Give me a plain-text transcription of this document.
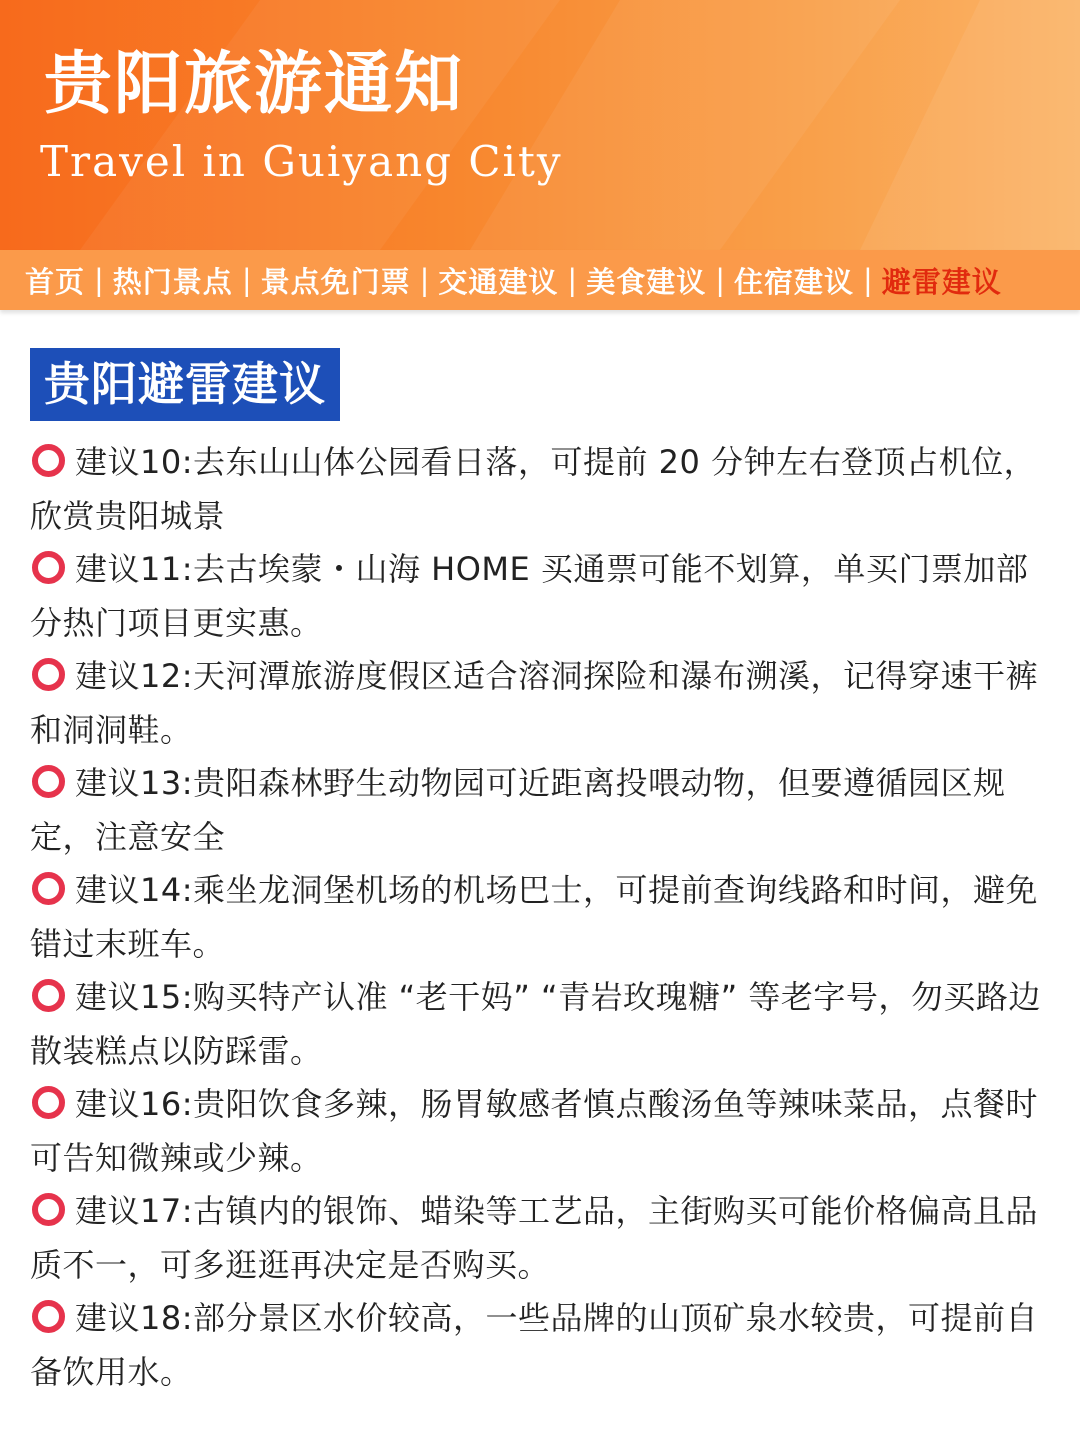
贵阳旅游通知
Travel in Guiyang City
首页 | 热门景点 | 景点免门票 | 交通建议 | 美食建议 | 住宿建议 | 避雷建议
贵阳避雷建议
建议10:去东山山体公园看日落，可提前 20 分钟左右登顶占机位，欣赏贵阳城景
建议11:去古埃蒙・山海 HOME 买通票可能不划算，单买门票加部分热门项目更实惠。
建议12:天河潭旅游度假区适合溶洞探险和瀑布溯溪，记得穿速干裤和洞洞鞋。
建议13:贵阳森林野生动物园可近距离投喂动物，但要遵循园区规定，注意安全
建议14:乘坐龙洞堡机场的机场巴士，可提前查询线路和时间，避免错过末班车。
建议15:购买特产认准 “老干妈” “青岩玫瑰糖” 等老字号，勿买路边散装糕点以防踩雷。
建议16:贵阳饮食多辣，肠胃敏感者慎点酸汤鱼等辣味菜品，点餐时可告知微辣或少辣。
建议17:古镇内的银饰、蜡染等工艺品，主街购买可能价格偏高且品质不一，可多逛逛再决定是否购买。
建议18:部分景区水价较高，一些品牌的山顶矿泉水较贵，可提前自备饮用水。
